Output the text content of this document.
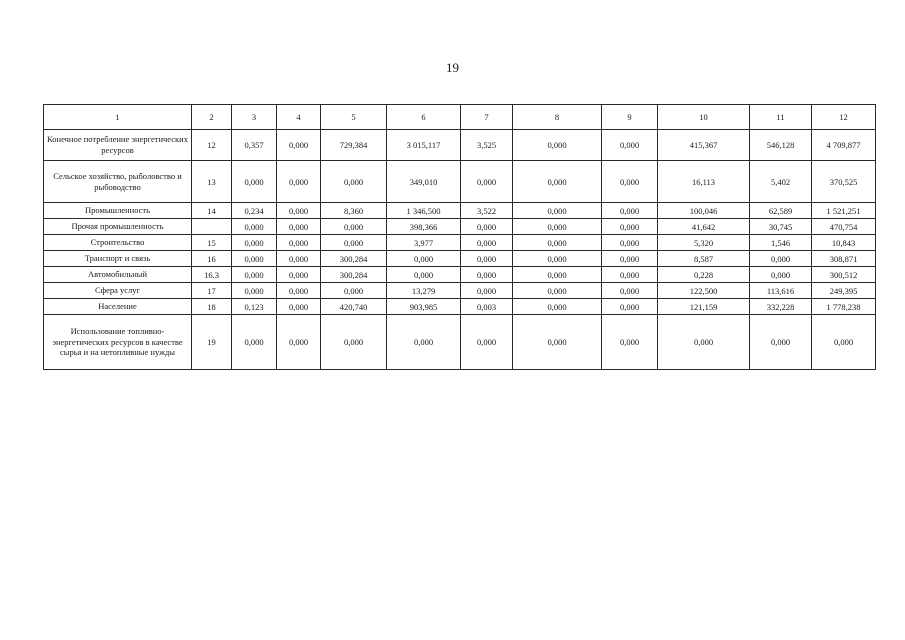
19
1	2	3	4	5	6	7	8	9	10	11	12
Конечное потребление энергетических ресурсов	12	0,357	0,000	729,384	3 015,117	3,525	0,000	0,000	415,367	546,128	4 709,877
Сельское хозяйство, рыболовство и рыбоводство	13	0,000	0,000	0,000	349,010	0,000	0,000	0,000	16,113	5,402	370,525
Промышленность	14	0,234	0,000	8,360	1 346,500	3,522	0,000	0,000	100,046	62,589	1 521,251
Прочая промышленность		0,000	0,000	0,000	398,366	0,000	0,000	0,000	41,642	30,745	470,754
Строительство	15	0,000	0,000	0,000	3,977	0,000	0,000	0,000	5,320	1,546	10,843
Транспорт и связь	16	0,000	0,000	300,284	0,000	0,000	0,000	0,000	8,587	0,000	308,871
Автомобильный	16.3	0,000	0,000	300,284	0,000	0,000	0,000	0,000	0,228	0,000	300,512
Сфера услуг	17	0,000	0,000	0,000	13,279	0,000	0,000	0,000	122,500	113,616	249,395
Население	18	0,123	0,000	420,740	903,985	0,003	0,000	0,000	121,159	332,228	1 778,238
Использование топливно-энергетических ресурсов в качестве сырья и на нетопливные нужды	19	0,000	0,000	0,000	0,000	0,000	0,000	0,000	0,000	0,000	0,000
